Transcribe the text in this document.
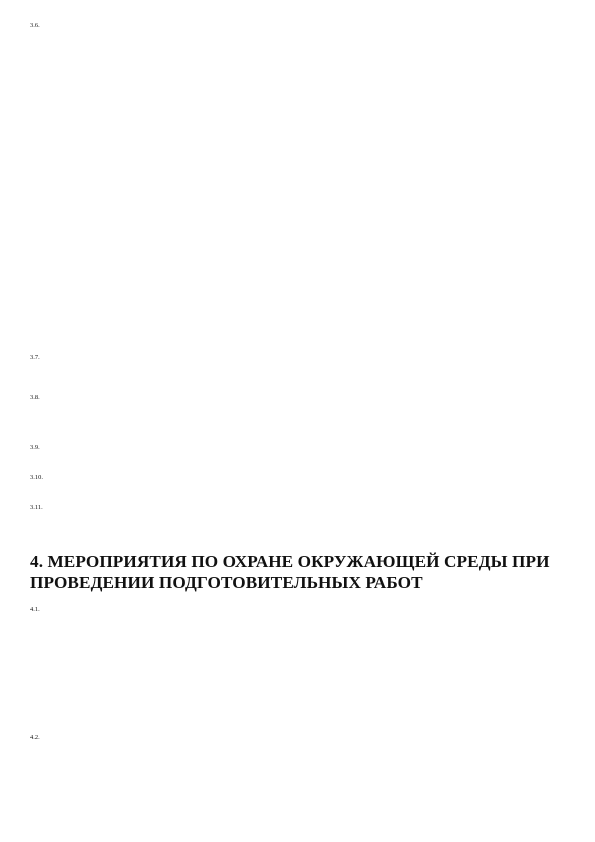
3.6.

3.7.

3.8.

3.9.

3.10.

3.11.

4. МЕРОПРИЯТИЯ ПО ОХРАНЕ ОКРУЖАЮЩЕЙ СРЕДЫ ПРИ ПРОВЕДЕНИИ ПОДГОТОВИТЕЛЬНЫХ РАБОТ

4.1.

4.2.
